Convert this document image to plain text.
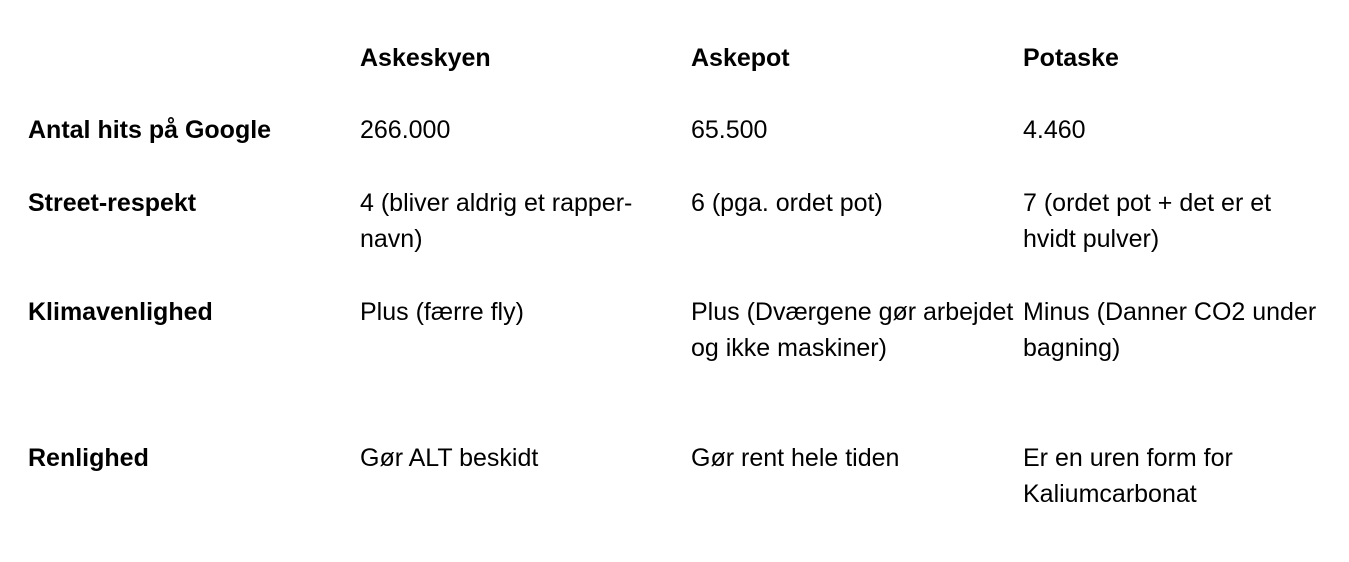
	Askeskyen	Askepot	Potaske
Antal hits på Google	266.000	65.500	4.460
Street-respekt	4 (bliver aldrig et rapper-navn)	6 (pga. ordet pot)	7 (ordet pot + det er et hvidt pulver)
Klimavenlighed	Plus (færre fly)	Plus (Dværgene gør arbejdet og ikke maskiner)	Minus (Danner CO2 under bagning)
Renlighed	Gør ALT beskidt	Gør rent hele tiden	Er en uren form for Kaliumcarbonat
